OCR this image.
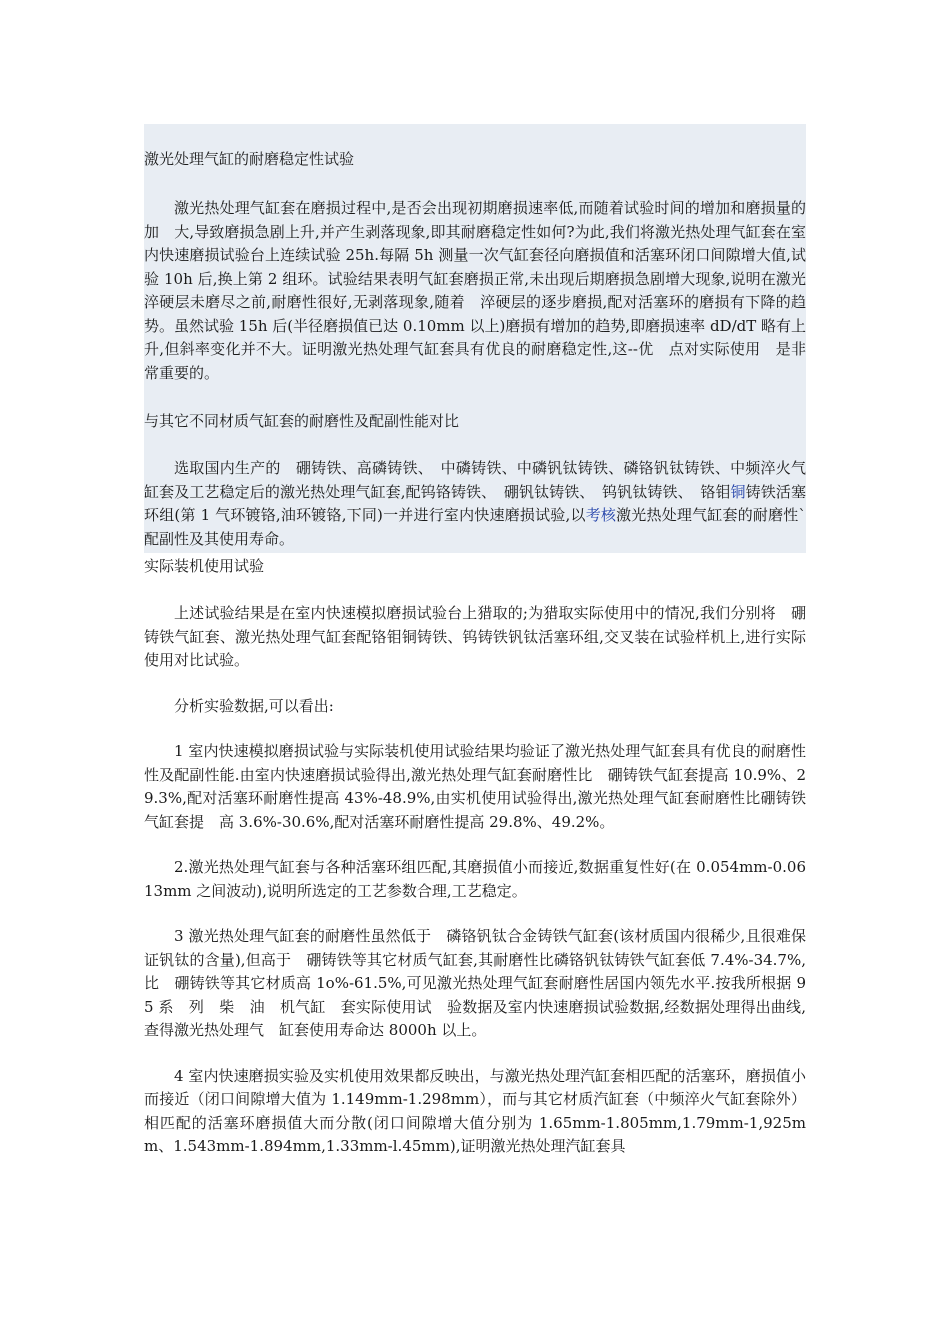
激光处理气缸的耐磨稳定性试验

激光热处理气缸套在磨损过程中,是否会出现初期磨损速率低,而随着试验时间的增加和磨损量的加　大,导致磨损急剧上升,并产生剥落现象,即其耐磨稳定性如何?为此,我们将激光热处理气缸套在室内快速磨损试验台上连续试验 25h.每隔 5h 测量一次气缸套径向磨损值和活塞环闭口间隙增大值,试验 10h 后,换上第 2 组环。试验结果表明气缸套磨损正常,未出现后期磨损急剧增大现象,说明在激光　淬硬层未磨尽之前,耐磨性很好,无剥落现象,随着　淬硬层的逐步磨损,配对活塞环的磨损有下降的趋势。虽然试验 15h 后(半径磨损值已达 0.10mm 以上)磨损有增加的趋势,即磨损速率 dD/dT 略有上升,但斜率变化并不大。证明激光热处理气缸套具有优良的耐磨稳定性,这--优　点对实际使用　是非常重要的。

与其它不同材质气缸套的耐磨性及配副性能对比

选取国内生产的　硼铸铁、高磷铸铁、　中磷铸铁、中磷钒钛铸铁、磷铬钒钛铸铁、中频淬火气缸套及工艺稳定后的激光热处理气缸套,配钨铬铸铁、　硼钒钛铸铁、　钨钒钛铸铁、　铬钼铜铸铁活塞环组(第 1 气环镀铬,油环镀铬,下同)一并进行室内快速磨损试验,以考核激光热处理气缸套的耐磨性`配副性及其使用寿命。

实际装机使用试验

上述试验结果是在室内快速模拟磨损试验台上猎取的;为猎取实际使用中的情况,我们分别将　硼铸铁气缸套、激光热处理气缸套配铬钼铜铸铁、钨铸铁钒钛活塞环组,交叉装在试验样机上,进行实际使用对比试验。

分析实验数据,可以看出:

1 室内快速模拟磨损试验与实际装机使用试验结果均验证了激光热处理气缸套具有优良的耐磨性性及配副性能.由室内快速磨损试验得出,激光热处理气缸套耐磨性比　硼铸铁气缸套提高 10.9%、29.3%,配对活塞环耐磨性提高 43%-48.9%,由实机使用试验得出,激光热处理气缸套耐磨性比硼铸铁气缸套提　高 3.6%-30.6%,配对活塞环耐磨性提高 29.8%、49.2%。

2.激光热处理气缸套与各种活塞环组匹配,其磨损值小而接近,数据重复性好(在 0.054mm-0.0613mm 之间波动),说明所选定的工艺参数合理,工艺稳定。

3 激光热处理气缸套的耐磨性虽然低于　磷铬钒钛合金铸铁气缸套(该材质国内很稀少,且很难保证钒钛的含量),但高于　硼铸铁等其它材质气缸套,其耐磨性比磷铬钒钛铸铁气缸套低 7.4%-34.7%,比　硼铸铁等其它材质高 1o%-61.5%,可见激光热处理气缸套耐磨性居国内领先水平.按我所根据 95 系　列　柴　油　机气缸　套实际使用试　验数据及室内快速磨损试验数据,经数据处理得出曲线,查得激光热处理气　缸套使用寿命达 8000h 以上。

4 室内快速磨损实验及实机使用效果都反映出，与激光热处理汽缸套相匹配的活塞环，磨损值小而接近（闭口间隙增大值为 1.149mm-1.298mm），而与其它材质汽缸套（中频淬火气缸套除外）相匹配的活塞环磨损值大而分散(闭口间隙增大值分别为 1.65mm-1.805mm,1.79mm-1,925mm、1.543mm-1.894mm,1.33mm-l.45mm),证明激光热处理汽缸套具
